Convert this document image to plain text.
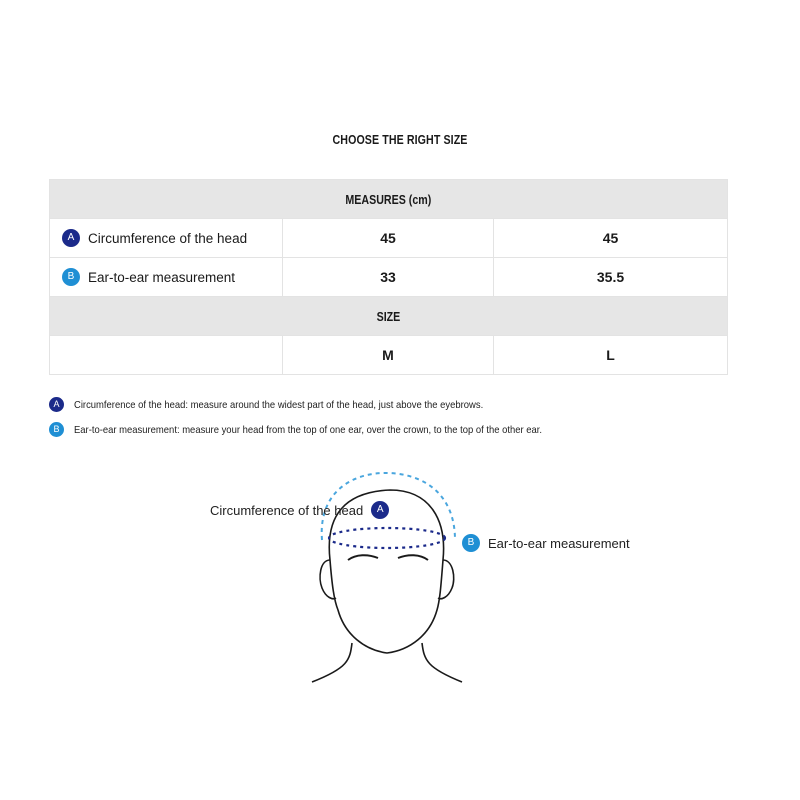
CHOOSE THE RIGHT SIZE
MEASURES (cm)		
A Circumference of the head	45	45
B Ear-to-ear measurement	33	35.5
SIZE		
	M	L
A	Circumference of the head: measure around the widest part of the head, just above the eyebrows.
B	Ear-to-ear measurement: measure your head from the top of one ear, over the crown, to the top of the other ear.
Circumference of the head	A
B	Ear-to-ear measurement
